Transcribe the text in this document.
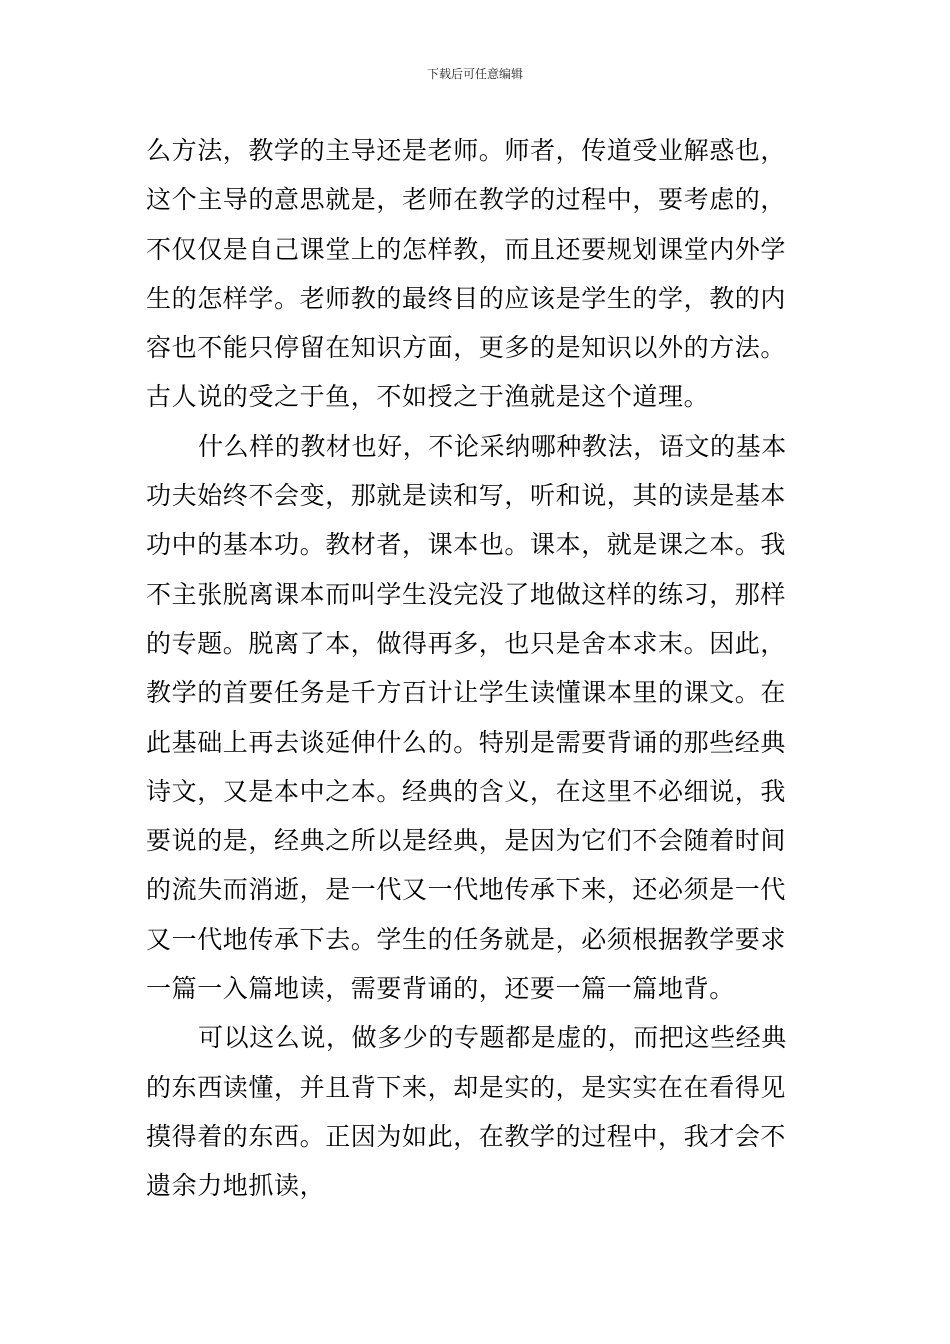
下载后可任意编辑
么方法，教学的主导还是老师。师者，传道受业解惑也，
这个主导的意思就是，老师在教学的过程中，要考虑的，
不仅仅是自己课堂上的怎样教，而且还要规划课堂内外学
生的怎样学。老师教的最终目的应该是学生的学，教的内
容也不能只停留在知识方面，更多的是知识以外的方法。
古人说的受之于鱼，不如授之于渔就是这个道理。
什么样的教材也好，不论采纳哪种教法，语文的基本
功夫始终不会变，那就是读和写，听和说，其的读是基本
功中的基本功。教材者，课本也。课本，就是课之本。我
不主张脱离课本而叫学生没完没了地做这样的练习，那样
的专题。脱离了本，做得再多，也只是舍本求末。因此，
教学的首要任务是千方百计让学生读懂课本里的课文。在
此基础上再去谈延伸什么的。特别是需要背诵的那些经典
诗文，又是本中之本。经典的含义，在这里不必细说，我
要说的是，经典之所以是经典，是因为它们不会随着时间
的流失而消逝，是一代又一代地传承下来，还必须是一代
又一代地传承下去。学生的任务就是，必须根据教学要求
一篇一入篇地读，需要背诵的，还要一篇一篇地背。
可以这么说，做多少的专题都是虚的，而把这些经典
的东西读懂，并且背下来，却是实的，是实实在在看得见
摸得着的东西。正因为如此，在教学的过程中，我才会不
遗余力地抓读，
